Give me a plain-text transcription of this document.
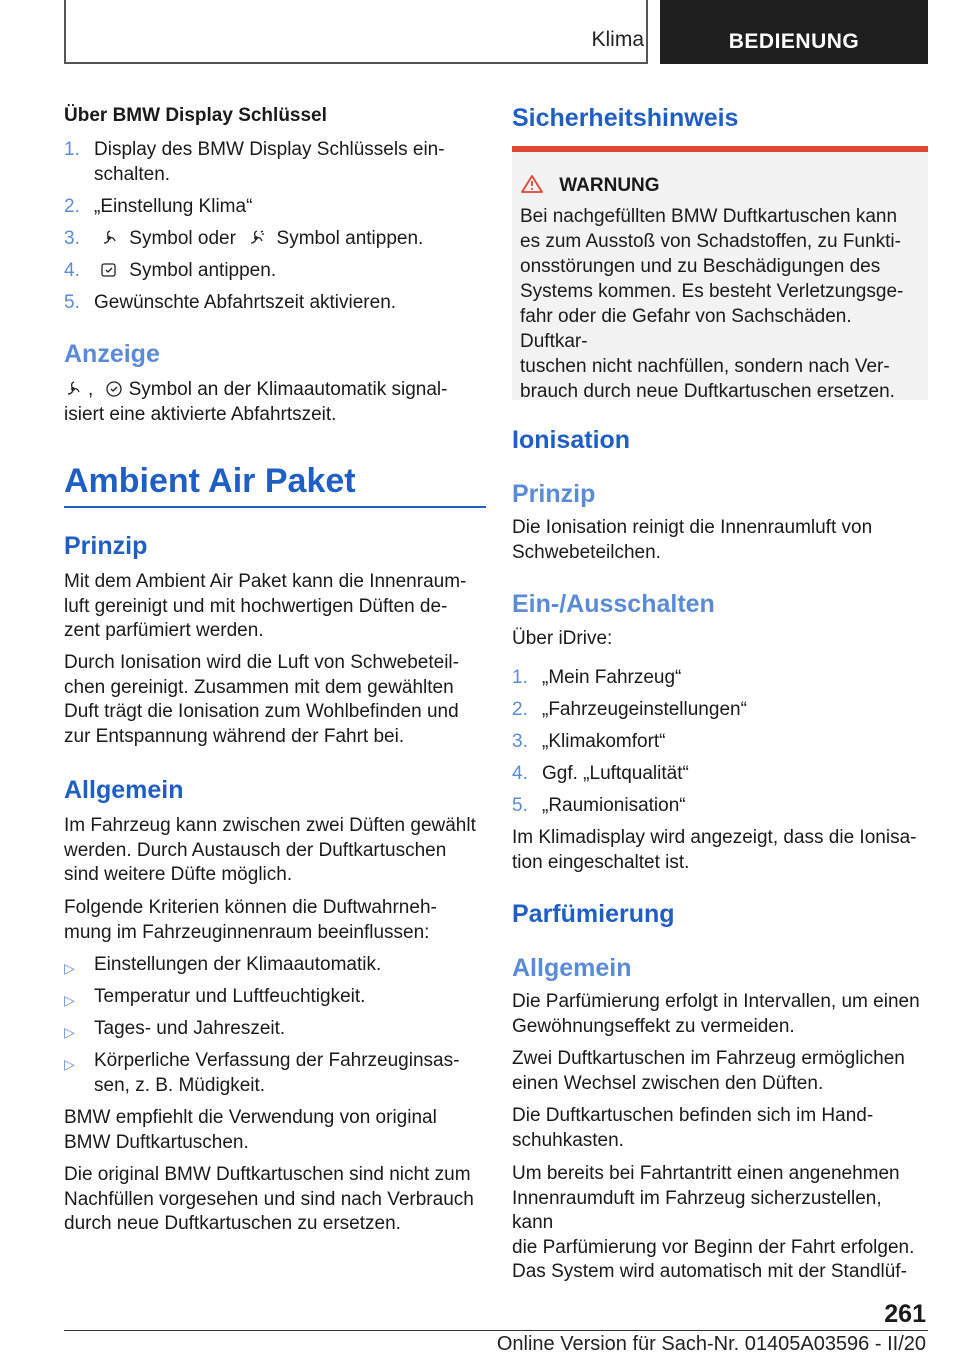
Klima	BEDIENUNG
Über BMW Display Schlüssel
1. Display des BMW Display Schlüssels ein-
schalten.
2. „Einstellung Klima“
3.	Symbol oder Symbol antippen.
4.	Symbol antippen.
5. Gewünschte Abfahrtszeit aktivieren.
Anzeige
, Symbol an der Klimaautomatik signal-
isiert eine aktivierte Abfahrtszeit.
Ambient Air Paket
Prinzip
Mit dem Ambient Air Paket kann die Innenraum-
luft gereinigt und mit hochwertigen Düften de-
zent parfümiert werden.
Durch Ionisation wird die Luft von Schwebeteil-
chen gereinigt. Zusammen mit dem gewählten
Duft trägt die Ionisation zum Wohlbefinden und
zur Entspannung während der Fahrt bei.
Allgemein
Im Fahrzeug kann zwischen zwei Düften gewählt
werden. Durch Austausch der Duftkartuschen
sind weitere Düfte möglich.
Folgende Kriterien können die Duftwahrneh-
mung im Fahrzeuginnenraum beeinflussen:
▷ Einstellungen der Klimaautomatik.
▷ Temperatur und Luftfeuchtigkeit.
▷ Tages- und Jahreszeit.
▷ Körperliche Verfassung der Fahrzeuginsas-
sen, z. B. Müdigkeit.
BMW empfiehlt die Verwendung von original
BMW Duftkartuschen.
Die original BMW Duftkartuschen sind nicht zum
Nachfüllen vorgesehen und sind nach Verbrauch
durch neue Duftkartuschen zu ersetzen.
Sicherheitshinweis
WARNUNG
Bei nachgefüllten BMW Duftkartuschen kann
es zum Ausstoß von Schadstoffen, zu Funkti-
onsstörungen und zu Beschädigungen des
Systems kommen. Es besteht Verletzungsge-
fahr oder die Gefahr von Sachschäden. Duftkar-
tuschen nicht nachfüllen, sondern nach Ver-
brauch durch neue Duftkartuschen ersetzen.
Ionisation
Prinzip
Die Ionisation reinigt die Innenraumluft von
Schwebeteilchen.
Ein-/Ausschalten
Über iDrive:
1. „Mein Fahrzeug“
2. „Fahrzeugeinstellungen“
3. „Klimakomfort“
4. Ggf. „Luftqualität“
5. „Raumionisation“
Im Klimadisplay wird angezeigt, dass die Ionisa-
tion eingeschaltet ist.
Parfümierung
Allgemein
Die Parfümierung erfolgt in Intervallen, um einen
Gewöhnungseffekt zu vermeiden.
Zwei Duftkartuschen im Fahrzeug ermöglichen
einen Wechsel zwischen den Düften.
Die Duftkartuschen befinden sich im Hand-
schuhkasten.
Um bereits bei Fahrtantritt einen angenehmen
Innenraumduft im Fahrzeug sicherzustellen, kann
die Parfümierung vor Beginn der Fahrt erfolgen.
Das System wird automatisch mit der Standlüf-
261
Online Version für Sach-Nr. 01405A03596 - II/20
